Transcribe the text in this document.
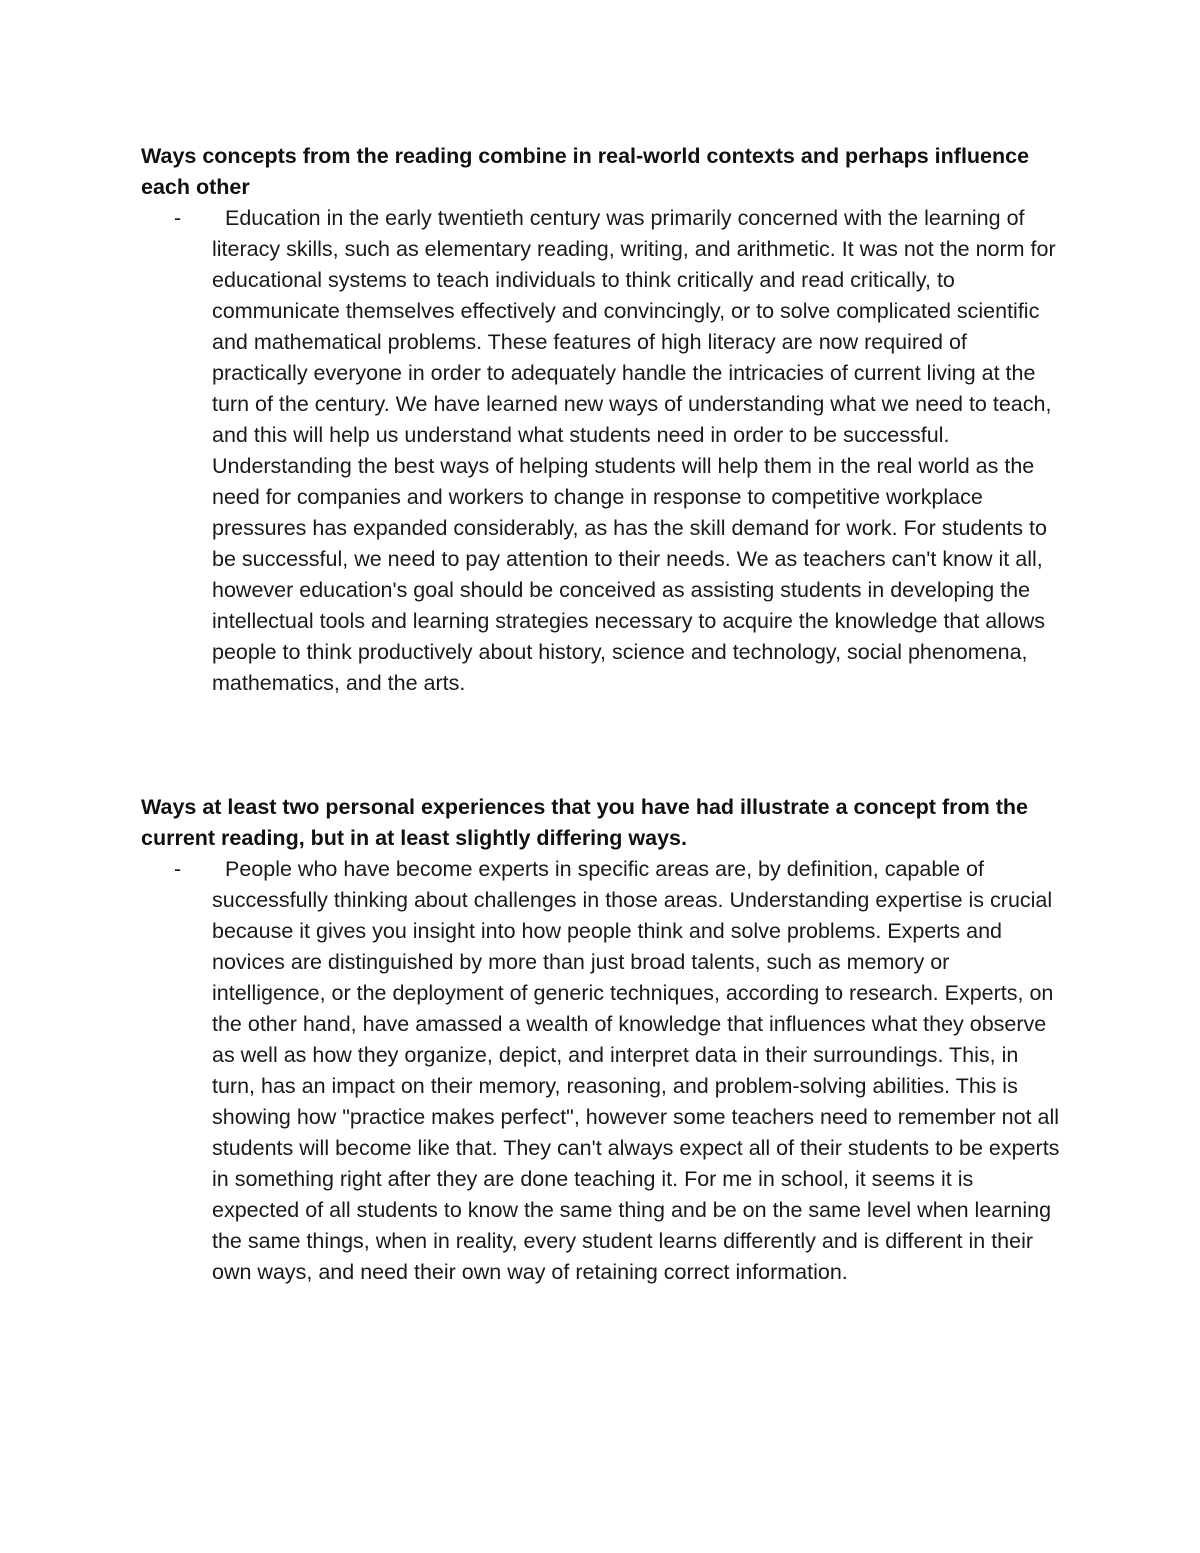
Ways concepts from the reading combine in real-world contexts and perhaps influence each other
- Education in the early twentieth century was primarily concerned with the learning of literacy skills, such as elementary reading, writing, and arithmetic. It was not the norm for educational systems to teach individuals to think critically and read critically, to communicate themselves effectively and convincingly, or to solve complicated scientific and mathematical problems. These features of high literacy are now required of practically everyone in order to adequately handle the intricacies of current living at the turn of the century. We have learned new ways of understanding what we need to teach, and this will help us understand what students need in order to be successful. Understanding the best ways of helping students will help them in the real world as the need for companies and workers to change in response to competitive workplace pressures has expanded considerably, as has the skill demand for work. For students to be successful, we need to pay attention to their needs. We as teachers can't know it all, however education's goal should be conceived as assisting students in developing the intellectual tools and learning strategies necessary to acquire the knowledge that allows people to think productively about history, science and technology, social phenomena, mathematics, and the arts.
Ways at least two personal experiences that you have had illustrate a concept from the current reading, but in at least slightly differing ways.
- People who have become experts in specific areas are, by definition, capable of successfully thinking about challenges in those areas. Understanding expertise is crucial because it gives you insight into how people think and solve problems. Experts and novices are distinguished by more than just broad talents, such as memory or intelligence, or the deployment of generic techniques, according to research. Experts, on the other hand, have amassed a wealth of knowledge that influences what they observe as well as how they organize, depict, and interpret data in their surroundings. This, in turn, has an impact on their memory, reasoning, and problem-solving abilities. This is showing how "practice makes perfect", however some teachers need to remember not all students will become like that. They can't always expect all of their students to be experts in something right after they are done teaching it. For me in school, it seems it is expected of all students to know the same thing and be on the same level when learning the same things, when in reality, every student learns differently and is different in their own ways, and need their own way of retaining correct information.
